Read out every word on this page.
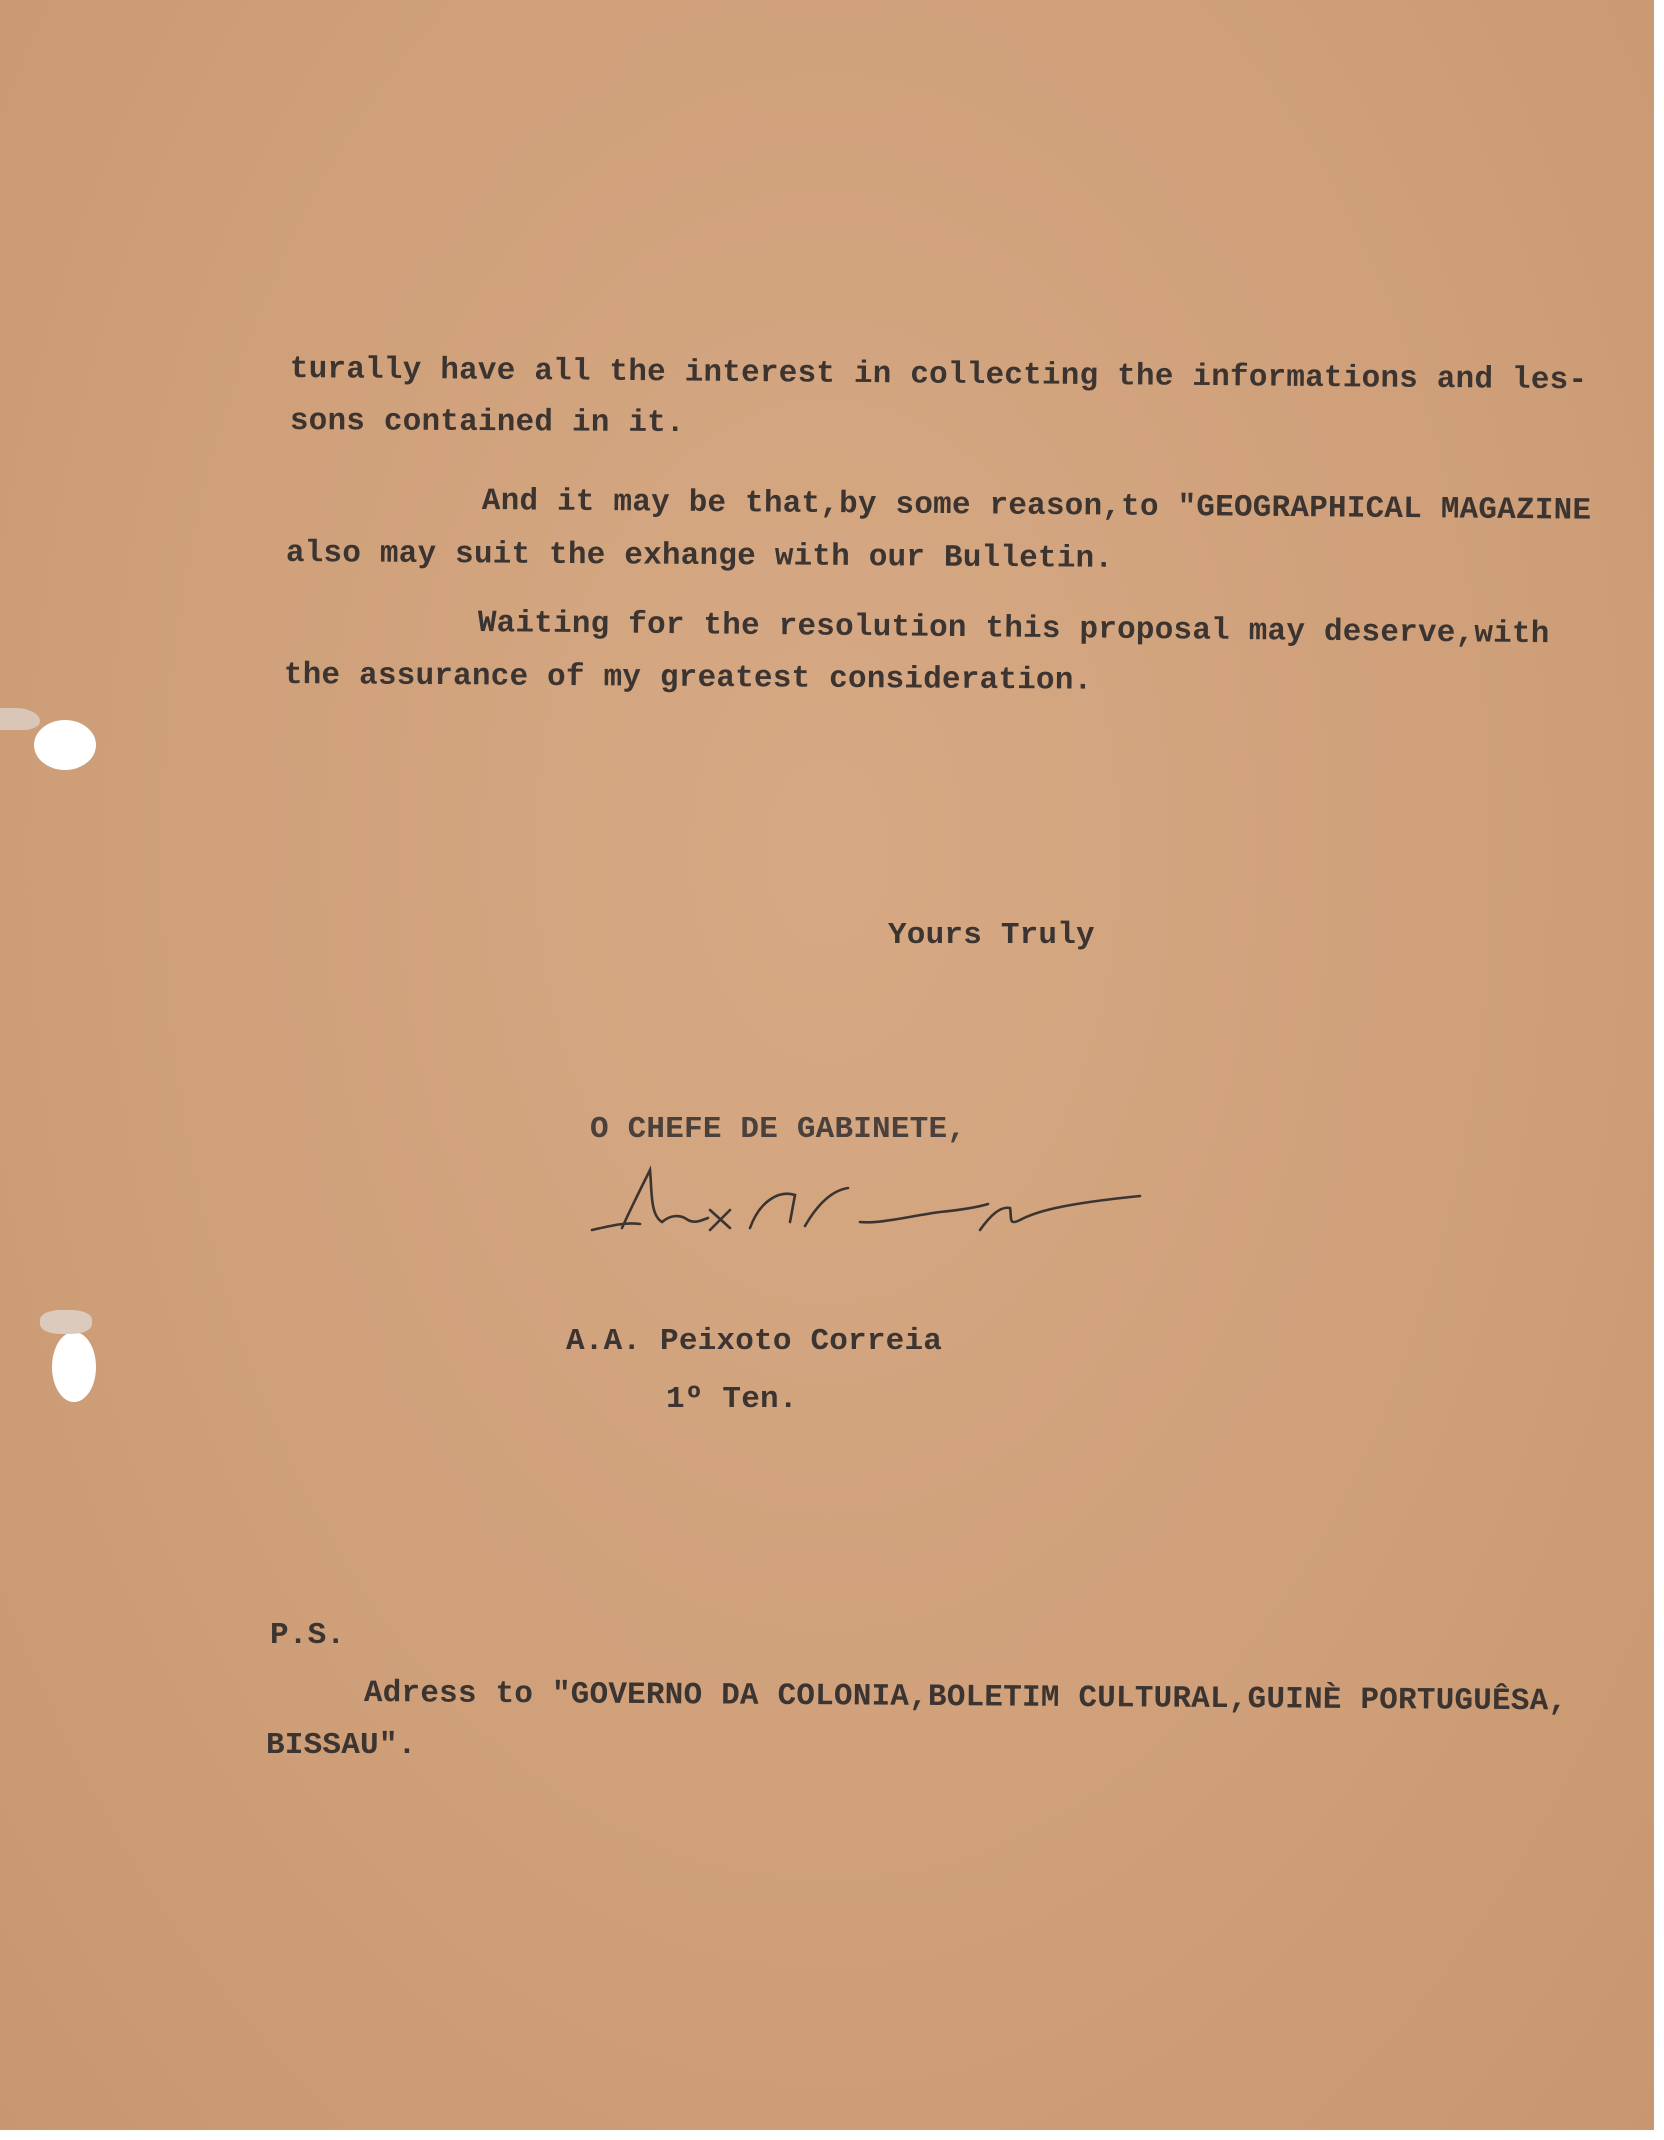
turally have all the interest in collecting the informations and les-

sons contained in it.

And it may be that,by some reason,to "GEOGRAPHICAL MAGAZINE

also may suit the exhange with our Bulletin.

Waiting for the resolution this proposal may deserve,with

the assurance of my greatest consideration.

Yours Truly

O CHEFE DE GABINETE,

A.A. Peixoto Correia

1º Ten.

P.S.

Adress to "GOVERNO DA COLONIA,BOLETIM CULTURAL,GUINÈ PORTUGUÊSA,

BISSAU".
